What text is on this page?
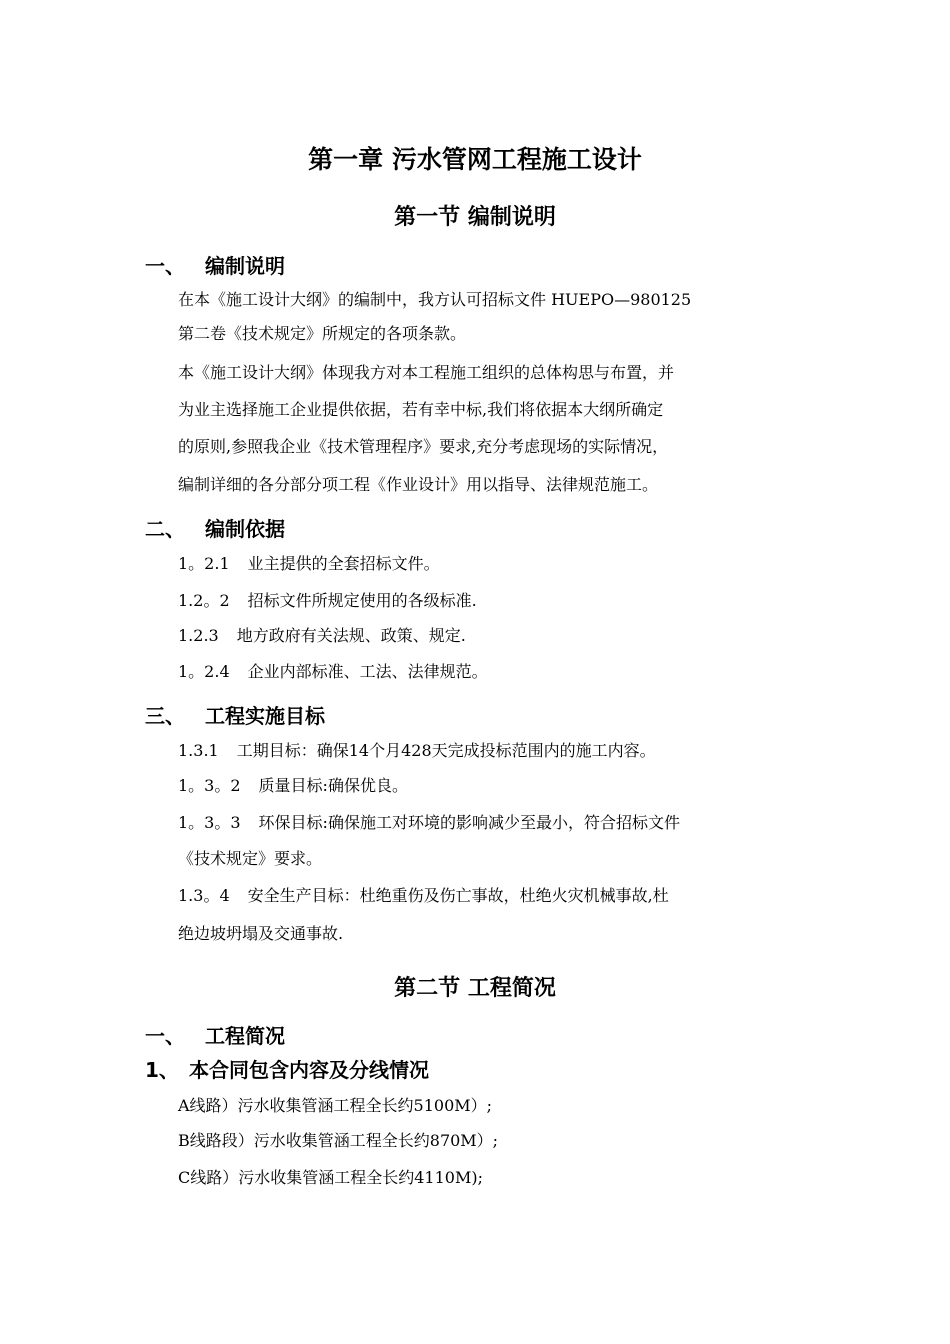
第一章 污水管网工程施工设计
第一节 编制说明
一、 编制说明
在本《施工设计大纲》的编制中，我方认可招标文件 HUEPO—980125
第二卷《技术规定》所规定的各项条款。
本《施工设计大纲》体现我方对本工程施工组织的总体构思与布置，并
为业主选择施工企业提供依据，若有幸中标,我们将依据本大纲所确定
的原则,参照我企业《技术管理程序》要求,充分考虑现场的实际情况，
编制详细的各分部分项工程《作业设计》用以指导、法律规范施工。
二、 编制依据
1。2.1 业主提供的全套招标文件。
1.2。2 招标文件所规定使用的各级标准.
1.2.3 地方政府有关法规、政策、规定.
1。2.4 企业内部标准、工法、法律规范。
三、 工程实施目标
1.3.1 工期目标：确保14个月428天完成投标范围内的施工内容。
1。3。2 质量目标:确保优良。
1。3。3 环保目标:确保施工对环境的影响减少至最小，符合招标文件
《技术规定》要求。
1.3。4 安全生产目标：杜绝重伤及伤亡事故，杜绝火灾机械事故,杜
绝边坡坍塌及交通事故.
第二节 工程简况
一、 工程简况
1、 本合同包含内容及分线情况
A线路）污水收集管涵工程全长约5100M）;
B线路段）污水收集管涵工程全长约870M）;
C线路）污水收集管涵工程全长约4110M);
